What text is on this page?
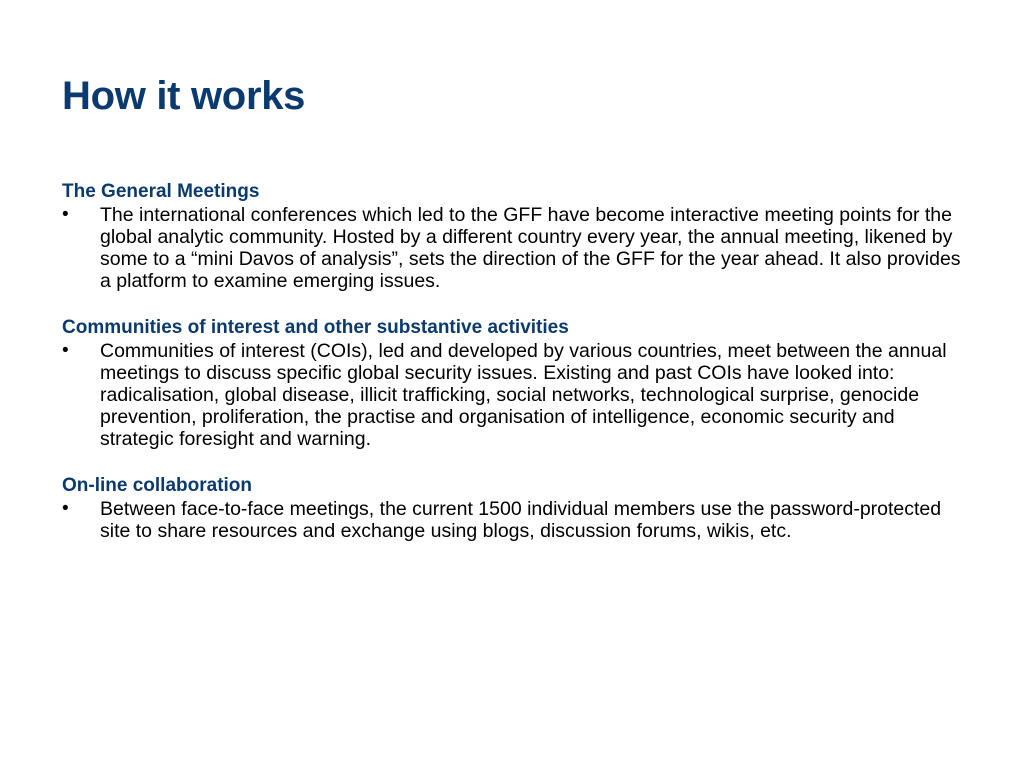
How it works

The General Meetings

•	The international conferences which led to the GFF have become interactive meeting points for the global analytic community. Hosted by a different country every year, the annual meeting, likened by some to a “mini Davos of analysis”, sets the direction of the GFF for the year ahead. It also provides a platform to examine emerging issues.

Communities of interest and other substantive activities

•	Communities of interest (COIs), led and developed by various countries, meet between the annual meetings to discuss specific global security issues. Existing and past COIs have looked into: radicalisation, global disease, illicit trafficking, social networks, technological surprise, genocide prevention, proliferation, the practise and organisation of intelligence, economic security and strategic foresight and warning.

On-line collaboration

•	Between face-to-face meetings, the current 1500 individual members use the password-protected site to share resources and exchange using blogs, discussion forums, wikis, etc.
